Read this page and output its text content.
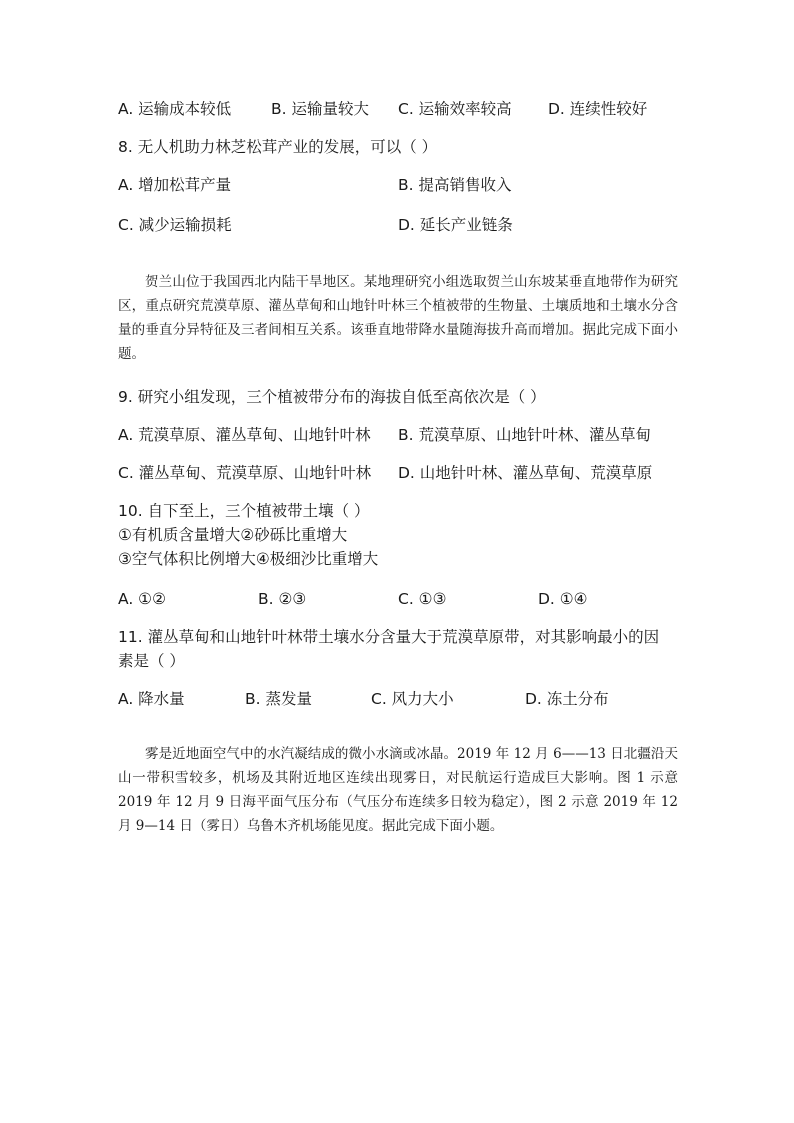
A. 运输成本较低	B. 运输量较大 C. 运输效率较高 D. 连续性较好
8. 无人机助力林芝松茸产业的发展，可以（ ）
A. 增加松茸产量	B. 提高销售收入
C. 减少运输损耗	D. 延长产业链条

贺兰山位于我国西北内陆干旱地区。某地理研究小组选取贺兰山东坡某垂直地带作为研究区，重点研究荒漠草原、灌丛草甸和山地针叶林三个植被带的生物量、土壤质地和土壤水分含量的垂直分异特征及三者间相互关系。该垂直地带降水量随海拔升高而增加。据此完成下面小题。

9. 研究小组发现，三个植被带分布的海拔自低至高依次是（ ）
A. 荒漠草原、灌丛草甸、山地针叶林 B. 荒漠草原、山地针叶林、灌丛草甸
C. 灌丛草甸、荒漠草原、山地针叶林 D. 山地针叶林、灌丛草甸、荒漠草原
10. 自下至上，三个植被带土壤（ ）
①有机质含量增大②砂砾比重增大
③空气体积比例增大④极细沙比重增大
A. ①②	B. ②③	C. ①③	D. ①④
11. 灌丛草甸和山地针叶林带土壤水分含量大于荒漠草原带，对其影响最小的因
素是（ ）
A. 降水量	B. 蒸发量	C. 风力大小	D. 冻土分布

雾是近地面空气中的水汽凝结成的微小水滴或冰晶。2019 年 12 月 6——13 日北疆沿天山一带积雪较多，机场及其附近地区连续出现雾日，对民航运行造成巨大影响。图 1 示意 2019 年 12 月 9 日海平面气压分布（气压分布连续多日较为稳定），图 2 示意 2019 年 12 月 9—14 日（雾日）乌鲁木齐机场能见度。据此完成下面小题。
